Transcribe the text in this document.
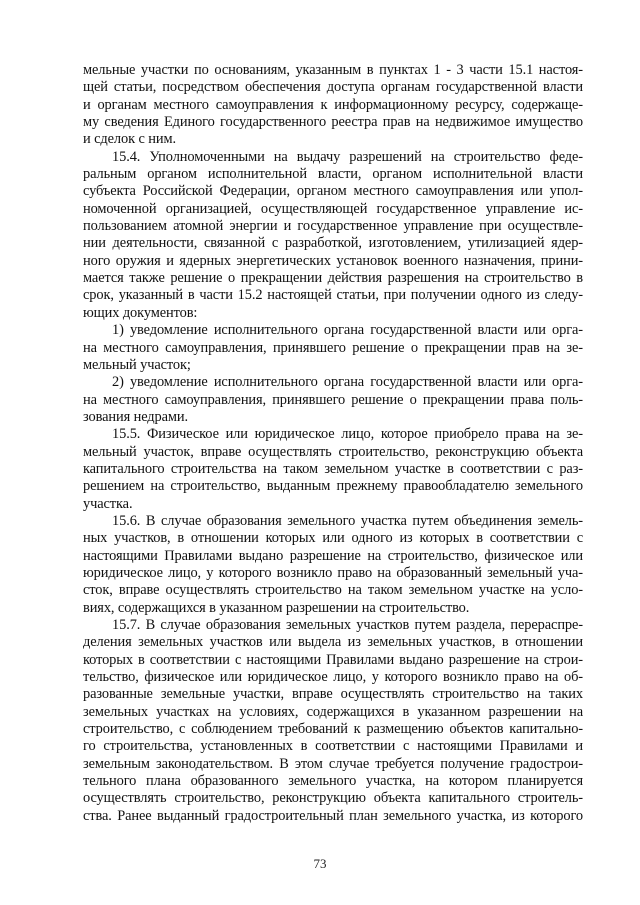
мельные участки по основаниям, указанным в пунктах 1 - 3 части 15.1 настоя-
щей статьи, посредством обеспечения доступа органам государственной власти
и органам местного самоуправления к информационному ресурсу, содержаще-
му сведения Единого государственного реестра прав на недвижимое имущество
и сделок с ним.

15.4. Уполномоченными на выдачу разрешений на строительство феде-
ральным органом исполнительной власти, органом исполнительной власти
субъекта Российской Федерации, органом местного самоуправления или упол-
номоченной организацией, осуществляющей государственное управление ис-
пользованием атомной энергии и государственное управление при осуществле-
нии деятельности, связанной с разработкой, изготовлением, утилизацией ядер-
ного оружия и ядерных энергетических установок военного назначения, прини-
мается также решение о прекращении действия разрешения на строительство в
срок, указанный в части 15.2 настоящей статьи, при получении одного из следу-
ющих документов:

1) уведомление исполнительного органа государственной власти или орга-
на местного самоуправления, принявшего решение о прекращении прав на зе-
мельный участок;

2) уведомление исполнительного органа государственной власти или орга-
на местного самоуправления, принявшего решение о прекращении права поль-
зования недрами.

15.5. Физическое или юридическое лицо, которое приобрело права на зе-
мельный участок, вправе осуществлять строительство, реконструкцию объекта
капитального строительства на таком земельном участке в соответствии с раз-
решением на строительство, выданным прежнему правообладателю земельного
участка.

15.6. В случае образования земельного участка путем объединения земель-
ных участков, в отношении которых или одного из которых в соответствии с
настоящими Правилами выдано разрешение на строительство, физическое или
юридическое лицо, у которого возникло право на образованный земельный уча-
сток, вправе осуществлять строительство на таком земельном участке на усло-
виях, содержащихся в указанном разрешении на строительство.

15.7. В случае образования земельных участков путем раздела, перераспре-
деления земельных участков или выдела из земельных участков, в отношении
которых в соответствии с настоящими Правилами выдано разрешение на строи-
тельство, физическое или юридическое лицо, у которого возникло право на об-
разованные земельные участки, вправе осуществлять строительство на таких
земельных участках на условиях, содержащихся в указанном разрешении на
строительство, с соблюдением требований к размещению объектов капитально-
го строительства, установленных в соответствии с настоящими Правилами и
земельным законодательством. В этом случае требуется получение градострои-
тельного плана образованного земельного участка, на котором планируется
осуществлять строительство, реконструкцию объекта капитального строитель-
ства. Ранее выданный градостроительный план земельного участка, из которого

73
